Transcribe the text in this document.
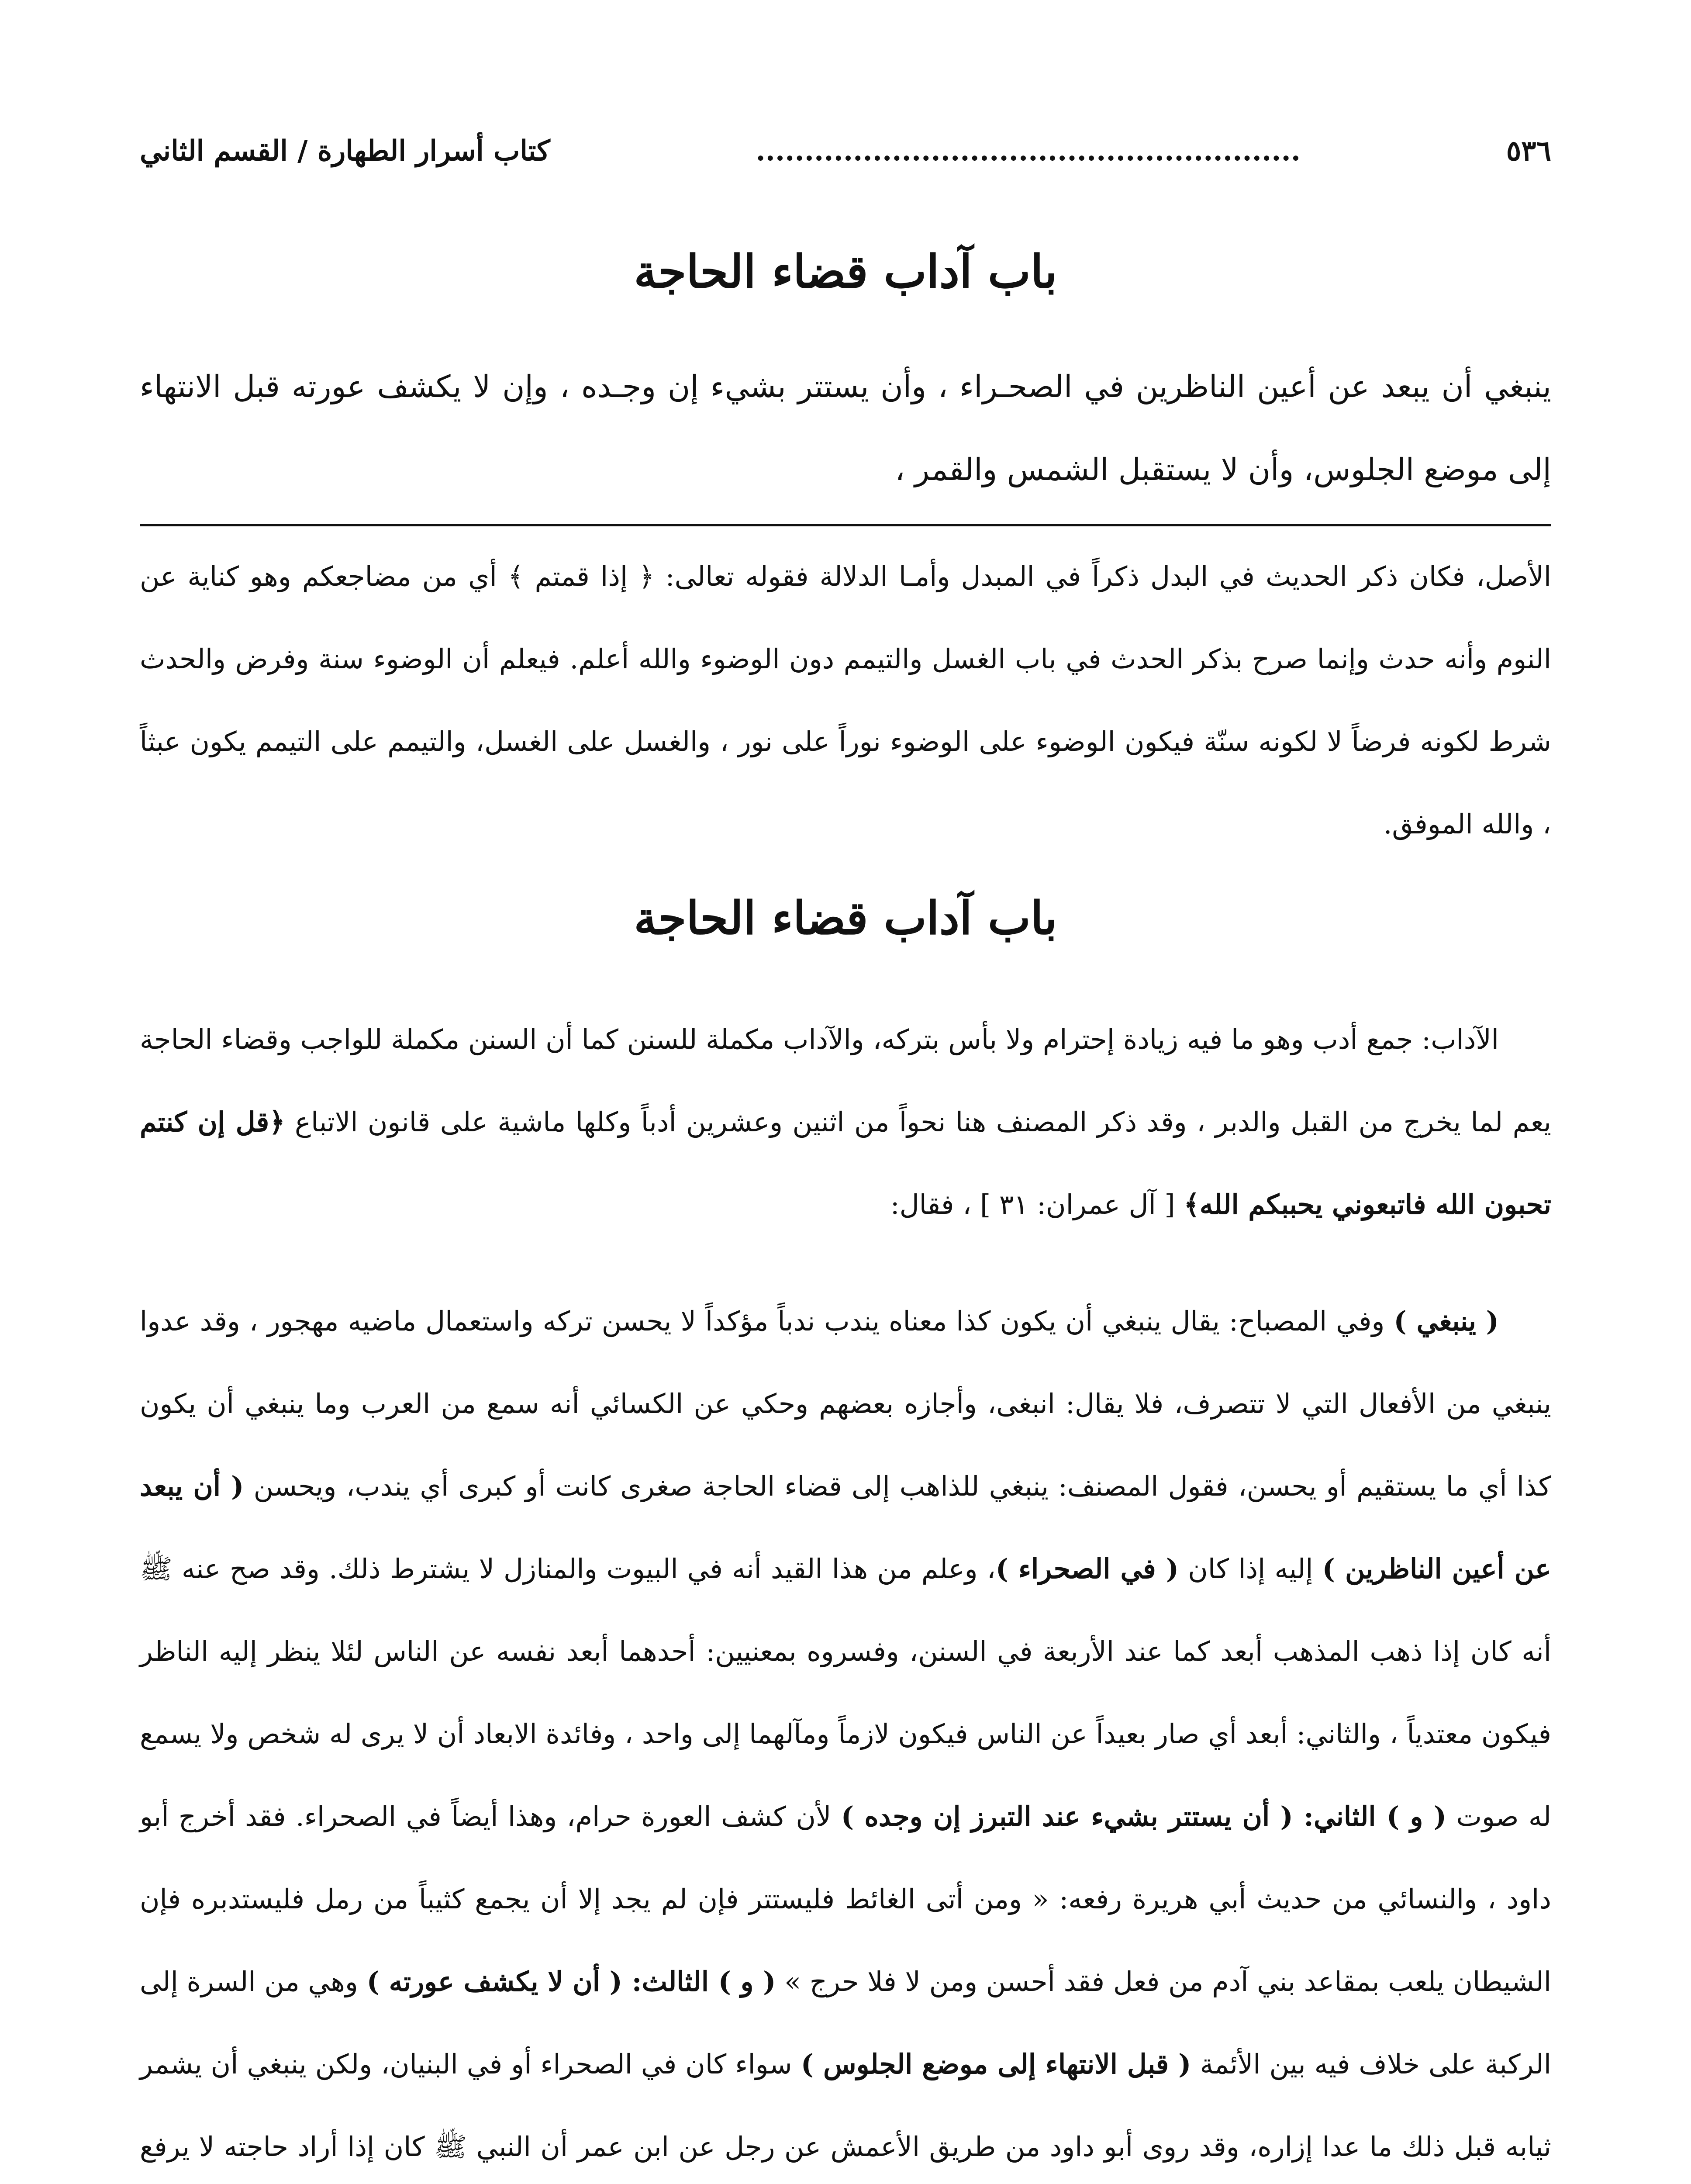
٥٣٦
........................................................
كتاب أسرار الطهارة / القسم الثاني
باب آداب قضاء الحاجة
ينبغي أن يبعد عن أعين الناظرين في الصحـراء ، وأن يستتر بشيء إن وجـده ، وإن لا يكشف عورته قبل الانتهاء إلى موضع الجلوس، وأن لا يستقبل الشمس والقمر ،

الأصل، فكان ذكر الحديث في البدل ذكراً في المبدل وأمـا الدلالة فقوله تعالى: ﴿ إذا قمتم ﴾ أي من مضاجعكم وهو كناية عن النوم وأنه حدث وإنما صرح بذكر الحدث في باب الغسل والتيمم دون الوضوء والله أعلم. فيعلم أن الوضوء سنة وفرض والحدث شرط لكونه فرضاً لا لكونه سنّة فيكون الوضوء على الوضوء نوراً على نور ، والغسل على الغسل، والتيمم على التيمم يكون عبثاً ، والله الموفق.

باب آداب قضاء الحاجة

الآداب: جمع أدب وهو ما فيه زيادة إحترام ولا بأس بتركه، والآداب مكملة للسنن كما أن السنن مكملة للواجب وقضاء الحاجة يعم لما يخرج من القبل والدبر ، وقد ذكر المصنف هنا نحواً من اثنين وعشرين أدباً وكلها ماشية على قانون الاتباع ﴿قل إن كنتم تحبون الله فاتبعوني يحببكم الله﴾ [ آل عمران: ٣١ ] ، فقال:

( ينبغي ) وفي المصباح: يقال ينبغي أن يكون كذا معناه يندب ندباً مؤكداً لا يحسن تركه واستعمال ماضيه مهجور ، وقد عدوا ينبغي من الأفعال التي لا تتصرف، فلا يقال: انبغى، وأجازه بعضهم وحكي عن الكسائي أنه سمع من العرب وما ينبغي أن يكون كذا أي ما يستقيم أو يحسن، فقول المصنف: ينبغي للذاهب إلى قضاء الحاجة صغرى كانت أو كبرى أي يندب، ويحسن ( أن يبعد عن أعين الناظرين ) إليه إذا كان ( في الصحراء )، وعلم من هذا القيد أنه في البيوت والمنازل لا يشترط ذلك. وقد صح عنه ﷺ أنه كان إذا ذهب المذهب أبعد كما عند الأربعة في السنن، وفسروه بمعنيين: أحدهما أبعد نفسه عن الناس لئلا ينظر إليه الناظر فيكون معتدياً ، والثاني: أبعد أي صار بعيداً عن الناس فيكون لازماً ومآلهما إلى واحد ، وفائدة الابعاد أن لا يرى له شخص ولا يسمع له صوت ( و ) الثاني: ( أن يستتر بشيء عند التبرز إن وجده ) لأن كشف العورة حرام، وهذا أيضاً في الصحراء. فقد أخرج أبو داود ، والنسائي من حديث أبي هريرة رفعه: « ومن أتى الغائط فليستتر فإن لم يجد إلا أن يجمع كثيباً من رمل فليستدبره فإن الشيطان يلعب بمقاعد بني آدم من فعل فقد أحسن ومن لا فلا حرج » ( و ) الثالث: ( أن لا يكشف عورته ) وهي من السرة إلى الركبة على خلاف فيه بين الأئمة ( قبل الانتهاء إلى موضع الجلوس ) سواء كان في الصحراء أو في البنيان، ولكن ينبغي أن يشمر ثيابه قبل ذلك ما عدا إزاره، وقد روى أبو داود من طريق الأعمش عن رجل عن ابن عمر أن النبي ﷺ كان إذا أراد حاجته لا يرفع
